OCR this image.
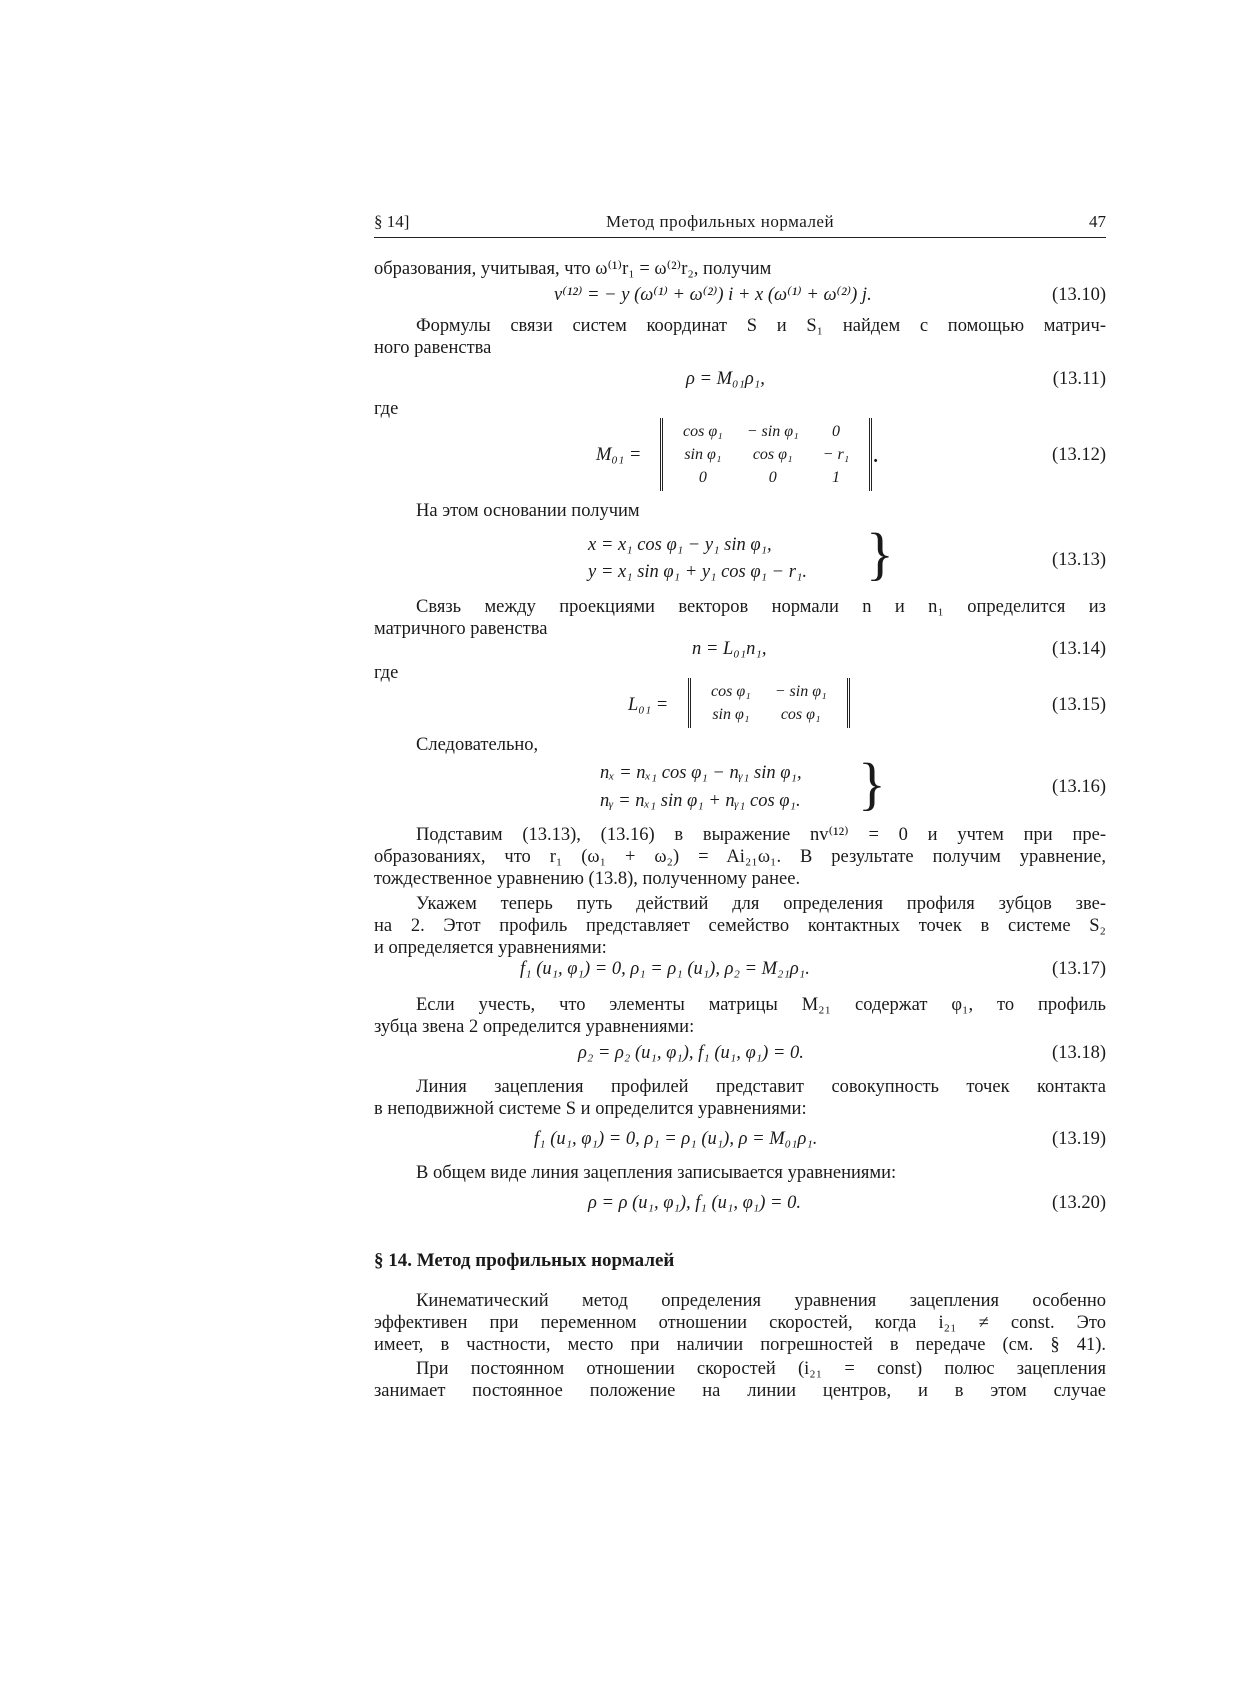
§ 14]	Метод профильных нормалей	47
образования, учитывая, что ω⁽¹⁾r₁ = ω⁽²⁾r₂, получим
v⁽¹²⁾ = − y (ω⁽¹⁾ + ω⁽²⁾) i + x (ω⁽¹⁾ + ω⁽²⁾) j.	(13.10)
Формулы связи систем координат S и S₁ найдем с помощью матрич-
ного равенства
ρ = M₀₁ρ₁,	(13.11)
где
M₀₁ =
cos φ₁	− sin φ₁	0
sin φ₁	cos φ₁	− r₁
0	0	1
.	(13.12)
На этом основании получим
x = x₁ cos φ₁ − y₁ sin φ₁,
y = x₁ sin φ₁ + y₁ cos φ₁ − r₁. }	(13.13)
Связь между проекциями векторов нормали n и n₁ определится из
матричного равенства
n = L₀₁n₁,	(13.14)
где
L₀₁ =
cos φ₁	− sin φ₁
sin φ₁	cos φ₁	(13.15)
Следовательно,
nₓ = nₓ₁ cos φ₁ − nᵧ₁ sin φ₁,
nᵧ = nₓ₁ sin φ₁ + nᵧ₁ cos φ₁. }	(13.16)
Подставим (13.13), (13.16) в выражение nv⁽¹²⁾ = 0 и учтем при пре-
образованиях, что r₁ (ω₁ + ω₂) = Ai₂₁ω₁. В результате получим уравнение,
тождественное уравнению (13.8), полученному ранее.
Укажем теперь путь действий для определения профиля зубцов зве-
на 2. Этот профиль представляет семейство контактных точек в системе S₂
и определяется уравнениями:
f₁ (u₁, φ₁) = 0, ρ₁ = ρ₁ (u₁), ρ₂ = M₂₁ρ₁.	(13.17)
Если учесть, что элементы матрицы M₂₁ содержат φ₁, то профиль
зубца звена 2 определится уравнениями:
ρ₂ = ρ₂ (u₁, φ₁), f₁ (u₁, φ₁) = 0.	(13.18)
Линия зацепления профилей представит совокупность точек контакта
в неподвижной системе S и определится уравнениями:
f₁ (u₁, φ₁) = 0, ρ₁ = ρ₁ (u₁), ρ = M₀₁ρ₁.	(13.19)
В общем виде линия зацепления записывается уравнениями:
ρ = ρ (u₁, φ₁), f₁ (u₁, φ₁) = 0.	(13.20)
§ 14. Метод профильных нормалей
Кинематический метод определения уравнения зацепления особенно
эффективен при переменном отношении скоростей, когда i₂₁ ≠ const. Это
имеет, в частности, место при наличии погрешностей в передаче (см. § 41).
При постоянном отношении скоростей (i₂₁ = const) полюс зацепления
занимает постоянное положение на линии центров, и в этом случае
